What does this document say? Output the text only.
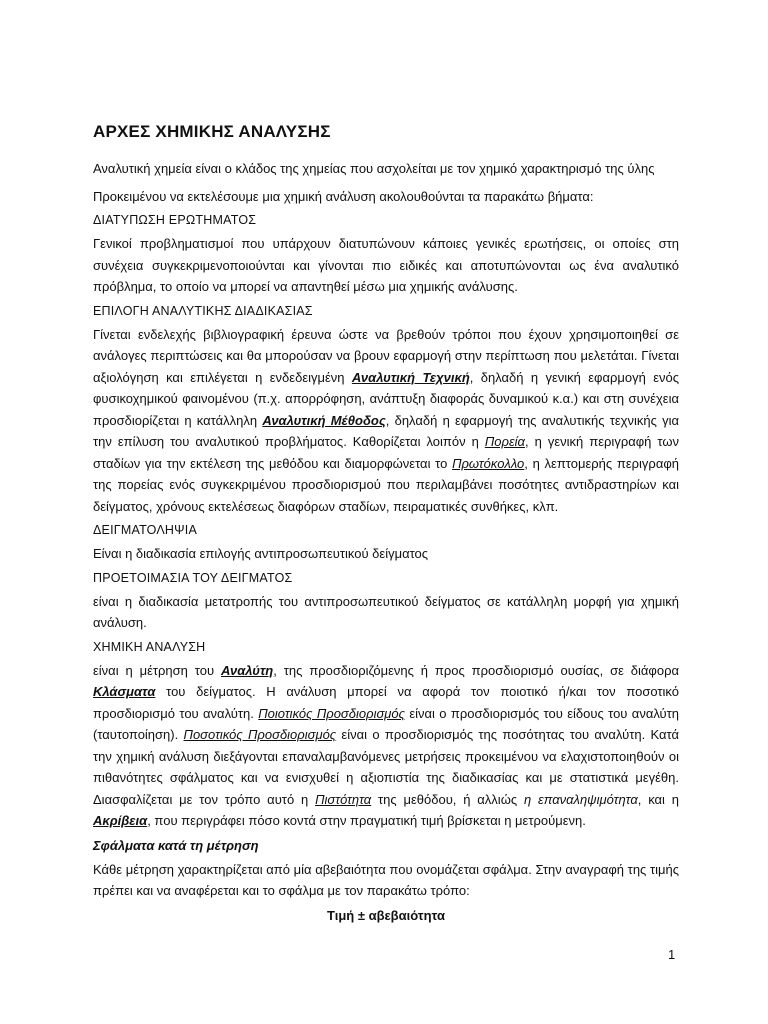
ΑΡΧΕΣ ΧΗΜΙΚΗΣ ΑΝΑΛΥΣΗΣ

Αναλυτική χημεία είναι ο κλάδος της χημείας που ασχολείται με τον χημικό χαρακτηρισμό της ύλης

Προκειμένου να εκτελέσουμε μια χημική ανάλυση ακολουθούνται τα παρακάτω βήματα:

ΔΙΑΤΥΠΩΣΗ ΕΡΩΤΗΜΑΤΟΣ

Γενικοί προβληματισμοί που υπάρχουν διατυπώνουν κάποιες γενικές ερωτήσεις, οι οποίες στη συνέχεια συγκεκριμενοποιούνται και γίνονται πιο ειδικές και αποτυπώνονται ως ένα αναλυτικό πρόβλημα, το οποίο να μπορεί να απαντηθεί μέσω μια χημικής ανάλυσης.

ΕΠΙΛΟΓΗ ΑΝΑΛΥΤΙΚΗΣ ΔΙΑΔΙΚΑΣΙΑΣ

Γίνεται ενδελεχής βιβλιογραφική έρευνα ώστε να βρεθούν τρόποι που έχουν χρησιμοποιηθεί σε ανάλογες περιπτώσεις και θα μπορούσαν να βρουν εφαρμογή στην περίπτωση που μελετάται. Γίνεται αξιολόγηση και επιλέγεται η ενδεδειγμένη Αναλυτική Τεχνική, δηλαδή η γενική εφαρμογή ενός φυσικοχημικού φαινομένου (π.χ. απορρόφηση, ανάπτυξη διαφοράς δυναμικού κ.α.) και στη συνέχεια προσδιορίζεται η κατάλληλη Αναλυτική Μέθοδος, δηλαδή η εφαρμογή της αναλυτικής τεχνικής για την επίλυση του αναλυτικού προβλήματος. Καθορίζεται λοιπόν η Πορεία, η γενική περιγραφή των σταδίων για την εκτέλεση της μεθόδου και διαμορφώνεται το Πρωτόκολλο, η λεπτομερής περιγραφή της πορείας ενός συγκεκριμένου προσδιορισμού που περιλαμβάνει ποσότητες αντιδραστηρίων και δείγματος, χρόνους εκτελέσεως διαφόρων σταδίων, πειραματικές συνθήκες, κλπ.

ΔΕΙΓΜΑΤΟΛΗΨΙΑ

Είναι η διαδικασία επιλογής αντιπροσωπευτικού δείγματος

ΠΡΟΕΤΟΙΜΑΣΙΑ ΤΟΥ ΔΕΙΓΜΑΤΟΣ

είναι η διαδικασία μετατροπής του αντιπροσωπευτικού δείγματος σε κατάλληλη μορφή για χημική ανάλυση.

ΧΗΜΙΚΗ ΑΝΑΛΥΣΗ

είναι η μέτρηση του Αναλύτη, της προσδιοριζόμενης ή προς προσδιορισμό ουσίας, σε διάφορα Κλάσματα του δείγματος. Η ανάλυση μπορεί να αφορά τον ποιοτικό ή/και τον ποσοτικό προσδιορισμό του αναλύτη. Ποιοτικός Προσδιορισμός είναι ο προσδιορισμός του είδους του αναλύτη (ταυτοποίηση). Ποσοτικός Προσδιορισμός είναι ο προσδιορισμός της ποσότητας του αναλύτη. Κατά την χημική ανάλυση διεξάγονται επαναλαμβανόμενες μετρήσεις προκειμένου να ελαχιστοποιηθούν οι πιθανότητες σφάλματος και να ενισχυθεί η αξιοπιστία της διαδικασίας και με στατιστικά μεγέθη. Διασφαλίζεται με τον τρόπο αυτό η Πιστότητα της μεθόδου, ή αλλιώς η επαναληψιμότητα, και η Ακρίβεια, που περιγράφει πόσο κοντά στην πραγματική τιμή βρίσκεται η μετρούμενη.

Σφάλματα κατά τη μέτρηση

Κάθε μέτρηση χαρακτηρίζεται από μία αβεβαιότητα που ονομάζεται σφάλμα. Στην αναγραφή της τιμής πρέπει και να αναφέρεται και το σφάλμα με τον παρακάτω τρόπο:

Τιμή ± αβεβαιότητα
1
